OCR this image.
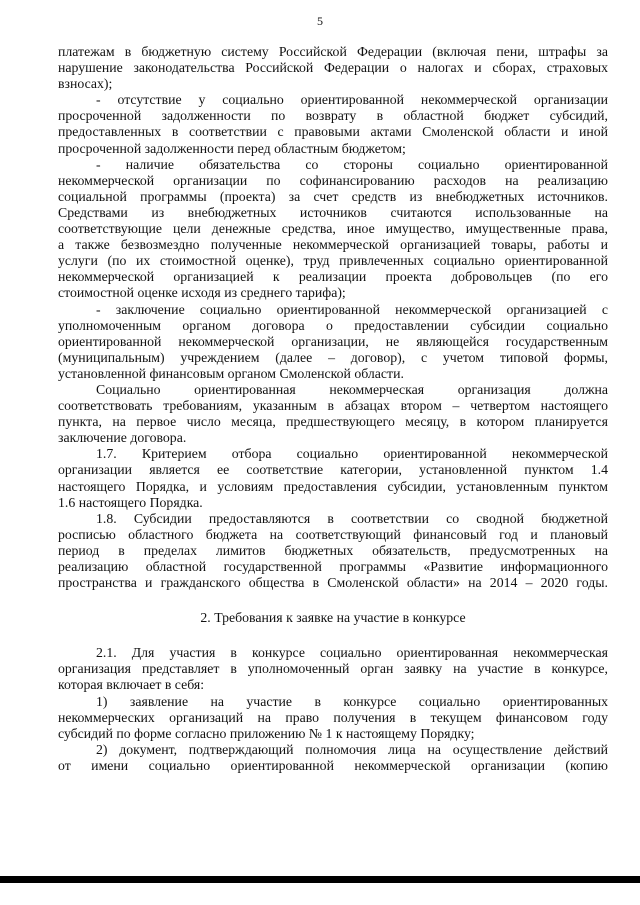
5
платежам в бюджетную систему Российской Федерации (включая пени, штрафы за
нарушение законодательства Российской Федерации о налогах и сборах, страховых
взносах);
- отсутствие у социально ориентированной некоммерческой организации
просроченной задолженности по возврату в областной бюджет субсидий,
предоставленных в соответствии с правовыми актами Смоленской области и иной
просроченной задолженности перед областным бюджетом;
- наличие обязательства со стороны социально ориентированной
некоммерческой организации по софинансированию расходов на реализацию
социальной программы (проекта) за счет средств из внебюджетных источников.
Средствами из внебюджетных источников считаются использованные на
соответствующие цели денежные средства, иное имущество, имущественные права,
а также безвозмездно полученные некоммерческой организацией товары, работы и
услуги (по их стоимостной оценке), труд привлеченных социально ориентированной
некоммерческой организацией к реализации проекта добровольцев (по его
стоимостной оценке исходя из среднего тарифа);
- заключение социально ориентированной некоммерческой организацией с
уполномоченным органом договора о предоставлении субсидии социально
ориентированной некоммерческой организации, не являющейся государственным
(муниципальным) учреждением (далее – договор), с учетом типовой формы,
установленной финансовым органом Смоленской области.
Социально ориентированная некоммерческая организация должна
соответствовать требованиям, указанным в абзацах втором – четвертом настоящего
пункта, на первое число месяца, предшествующего месяцу, в котором планируется
заключение договора.
1.7. Критерием отбора социально ориентированной некоммерческой
организации является ее соответствие категории, установленной пунктом 1.4
настоящего Порядка, и условиям предоставления субсидии, установленным пунктом
1.6 настоящего Порядка.
1.8. Субсидии предоставляются в соответствии со сводной бюджетной
росписью областного бюджета на соответствующий финансовый год и плановый
период в пределах лимитов бюджетных обязательств, предусмотренных на
реализацию областной государственной программы «Развитие информационного
пространства и гражданского общества в Смоленской области» на 2014 – 2020 годы.
2. Требования к заявке на участие в конкурсе
2.1. Для участия в конкурсе социально ориентированная некоммерческая
организация представляет в уполномоченный орган заявку на участие в конкурсе,
которая включает в себя:
1) заявление на участие в конкурсе социально ориентированных
некоммерческих организаций на право получения в текущем финансовом году
субсидий по форме согласно приложению № 1 к настоящему Порядку;
2) документ, подтверждающий полномочия лица на осуществление действий
от имени социально ориентированной некоммерческой организации (копию
